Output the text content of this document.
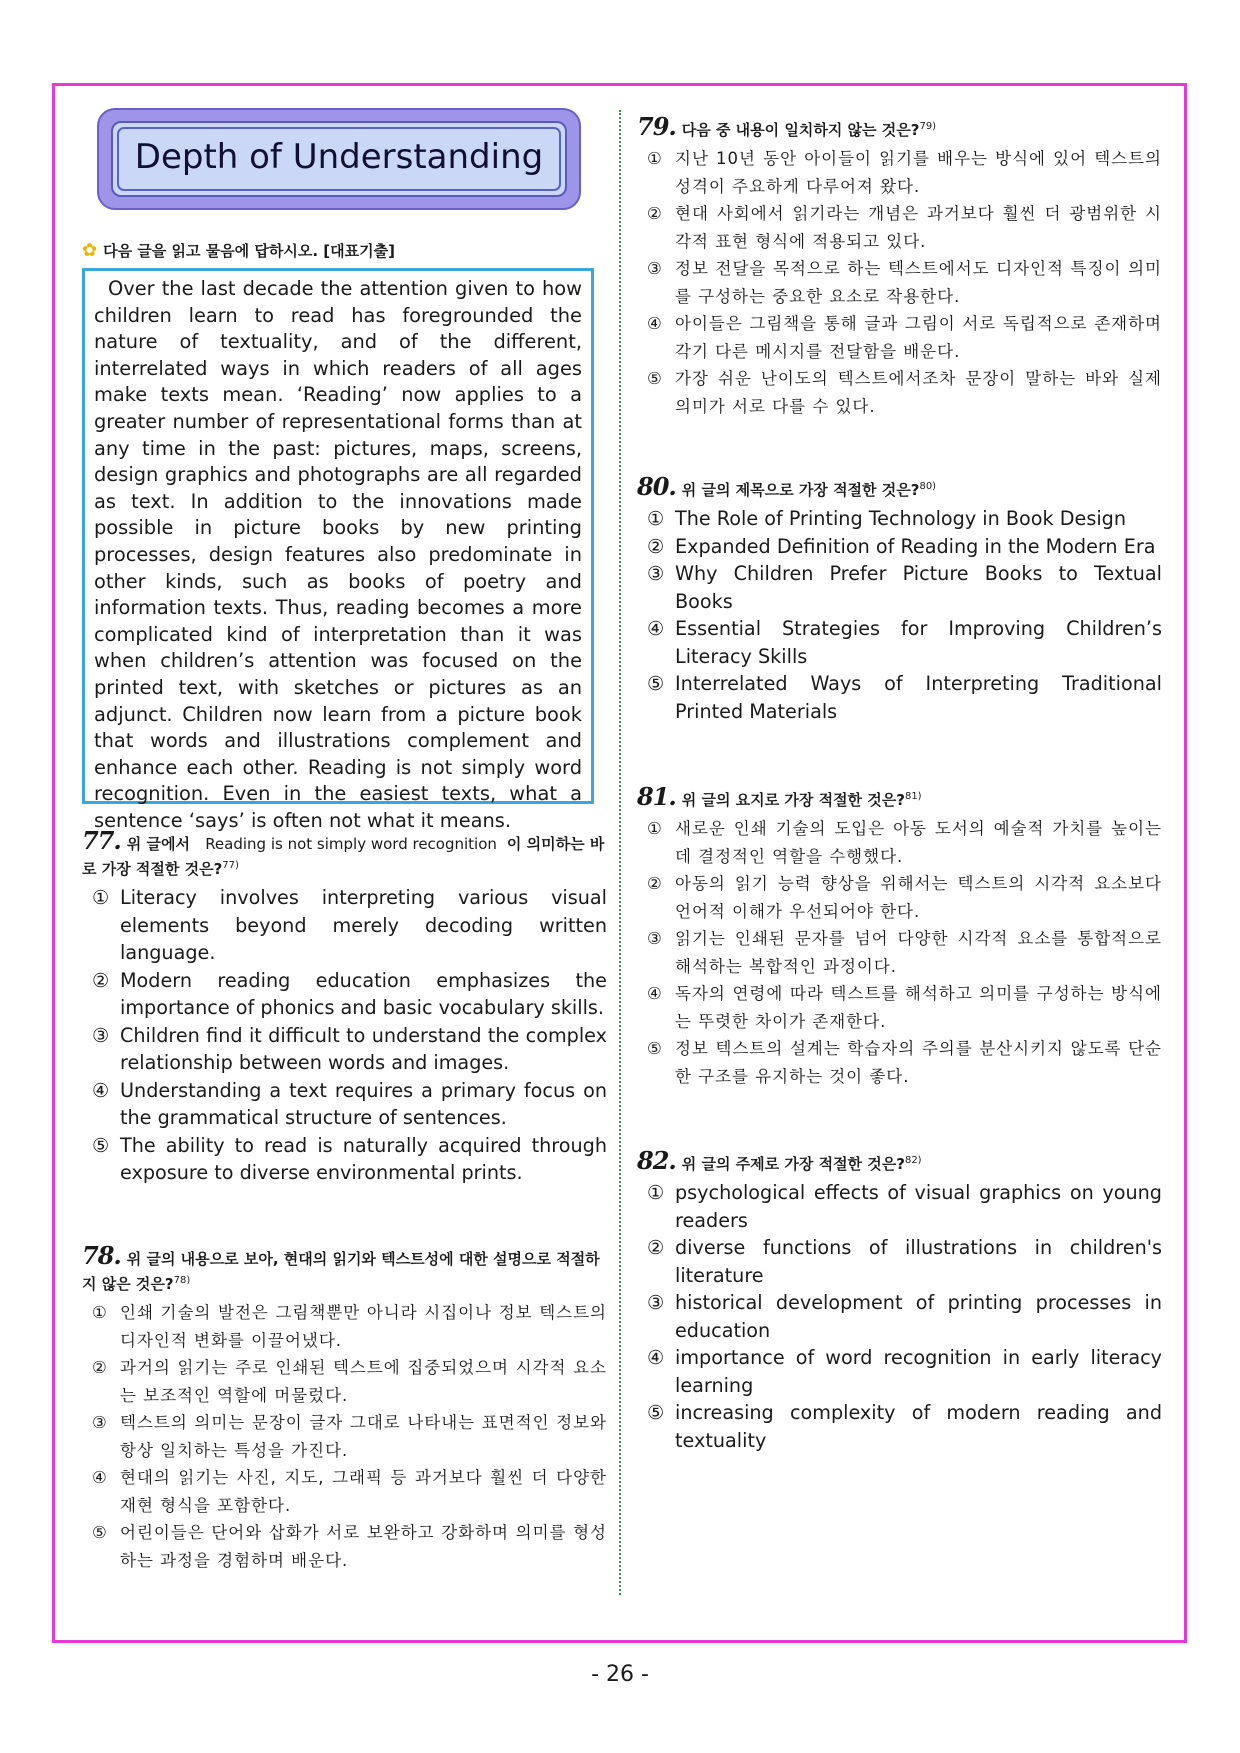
Depth of Understanding
✿ 다음 글을 읽고 물음에 답하시오. [대표기출]

Over the last decade the attention given to how children learn to read has foregrounded the nature of textuality, and of the different, interrelated ways in which readers of all ages make texts mean. ‘Reading’ now applies to a greater number of representational forms than at any time in the past: pictures, maps, screens, design graphics and photographs are all regarded as text. In addition to the innovations made possible in picture books by new printing processes, design features also predominate in other kinds, such as books of poetry and information texts. Thus, reading becomes a more complicated kind of interpretation than it was when children’s attention was focused on the printed text, with sketches or pictures as an adjunct. Children now learn from a picture book that words and illustrations complement and enhance each other. Reading is not simply word recognition. Even in the easiest texts, what a sentence ‘says’ is often not what it means.

77. 위 글에서 Reading is not simply word recognition 이 의미하는 바로 가장 적절한 것은?$^{77)}$
① Literacy involves interpreting various visual elements beyond merely decoding written language.
② Modern reading education emphasizes the importance of phonics and basic vocabulary skills.
③ Children find it difficult to understand the complex relationship between words and images.
④ Understanding a text requires a primary focus on the grammatical structure of sentences.
⑤ The ability to read is naturally acquired through exposure to diverse environmental prints.
78. 위 글의 내용으로 보아, 현대의 읽기와 텍스트성에 대한 설명으로 적절하지 않은 것은?$^{78)}$
① 인쇄 기술의 발전은 그림책뿐만 아니라 시집이나 정보 텍스트의 디자인적 변화를 이끌어냈다.
② 과거의 읽기는 주로 인쇄된 텍스트에 집중되었으며 시각적 요소는 보조적인 역할에 머물렀다.
③ 텍스트의 의미는 문장이 글자 그대로 나타내는 표면적인 정보와 항상 일치하는 특성을 가진다.
④ 현대의 읽기는 사진, 지도, 그래픽 등 과거보다 훨씬 더 다양한 재현 형식을 포함한다.
⑤ 어린이들은 단어와 삽화가 서로 보완하고 강화하며 의미를 형성하는 과정을 경험하며 배운다.
79. 다음 중 내용이 일치하지 않는 것은?$^{79)}$
① 지난 10년 동안 아이들이 읽기를 배우는 방식에 있어 텍스트의 성격이 주요하게 다루어져 왔다.
② 현대 사회에서 읽기라는 개념은 과거보다 훨씬 더 광범위한 시각적 표현 형식에 적용되고 있다.
③ 정보 전달을 목적으로 하는 텍스트에서도 디자인적 특징이 의미를 구성하는 중요한 요소로 작용한다.
④ 아이들은 그림책을 통해 글과 그림이 서로 독립적으로 존재하며 각기 다른 메시지를 전달함을 배운다.
⑤ 가장 쉬운 난이도의 텍스트에서조차 문장이 말하는 바와 실제 의미가 서로 다를 수 있다.
80. 위 글의 제목으로 가장 적절한 것은?$^{80)}$
① The Role of Printing Technology in Book Design
② Expanded Definition of Reading in the Modern Era
③ Why Children Prefer Picture Books to Textual Books
④ Essential Strategies for Improving Children’s Literacy Skills
⑤ Interrelated Ways of Interpreting Traditional Printed Materials
81. 위 글의 요지로 가장 적절한 것은?$^{81)}$
① 새로운 인쇄 기술의 도입은 아동 도서의 예술적 가치를 높이는 데 결정적인 역할을 수행했다.
② 아동의 읽기 능력 향상을 위해서는 텍스트의 시각적 요소보다 언어적 이해가 우선되어야 한다.
③ 읽기는 인쇄된 문자를 넘어 다양한 시각적 요소를 통합적으로 해석하는 복합적인 과정이다.
④ 독자의 연령에 따라 텍스트를 해석하고 의미를 구성하는 방식에는 뚜렷한 차이가 존재한다.
⑤ 정보 텍스트의 설계는 학습자의 주의를 분산시키지 않도록 단순한 구조를 유지하는 것이 좋다.
82. 위 글의 주제로 가장 적절한 것은?$^{82)}$
① psychological effects of visual graphics on young readers
② diverse functions of illustrations in children's literature
③ historical development of printing processes in education
④ importance of word recognition in early literacy learning
⑤ increasing complexity of modern reading and textuality
- 26 -
